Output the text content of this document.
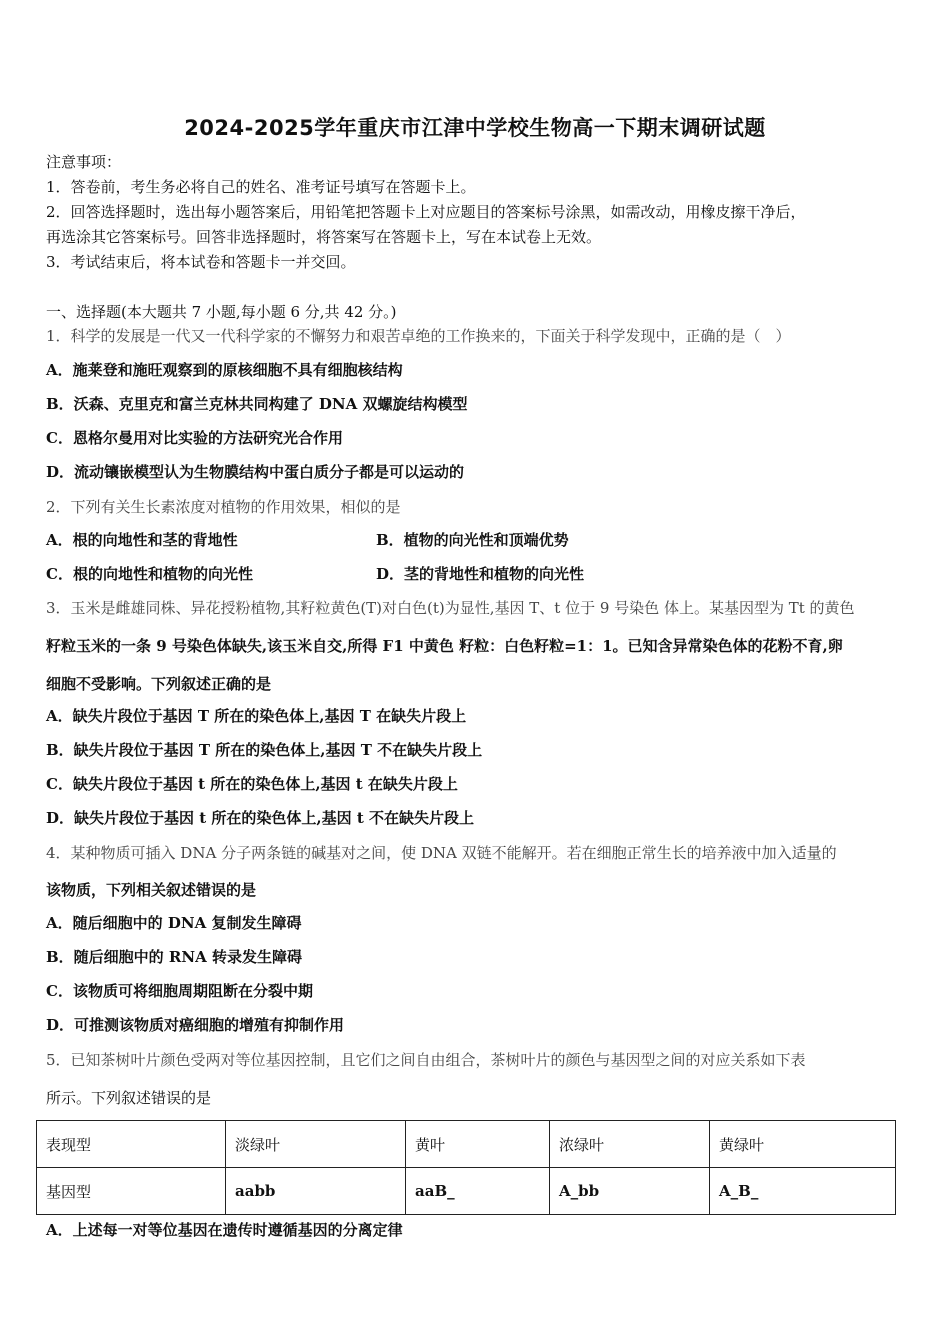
2024-2025学年重庆市江津中学校生物高一下期末调研试题
注意事项：
1．答卷前，考生务必将自己的姓名、准考证号填写在答题卡上。
2．回答选择题时，选出每小题答案后，用铅笔把答题卡上对应题目的答案标号涂黑，如需改动，用橡皮擦干净后，
再选涂其它答案标号。回答非选择题时，将答案写在答题卡上，写在本试卷上无效。
3．考试结束后，将本试卷和答题卡一并交回。
一、选择题(本大题共 7 小题,每小题 6 分,共 42 分。)
1．科学的发展是一代又一代科学家的不懈努力和艰苦卓绝的工作换来的，下面关于科学发现中，正确的是（　）
A．施莱登和施旺观察到的原核细胞不具有细胞核结构
B．沃森、克里克和富兰克林共同构建了 DNA 双螺旋结构模型
C．恩格尔曼用对比实验的方法研究光合作用
D．流动镶嵌模型认为生物膜结构中蛋白质分子都是可以运动的
2．下列有关生长素浓度对植物的作用效果，相似的是
A．根的向地性和茎的背地性	B．植物的向光性和顶端优势
C．根的向地性和植物的向光性	D．茎的背地性和植物的向光性
3．玉米是雌雄同株、异花授粉植物,其籽粒黄色(T)对白色(t)为显性,基因 T、t 位于 9 号染色 体上。某基因型为 Tt 的黄色
籽粒玉米的一条 9 号染色体缺失,该玉米自交,所得 F1 中黄色 籽粒：白色籽粒=1：1。已知含异常染色体的花粉不育,卵
细胞不受影响。下列叙述正确的是
A．缺失片段位于基因 T 所在的染色体上,基因 T 在缺失片段上
B．缺失片段位于基因 T 所在的染色体上,基因 T 不在缺失片段上
C．缺失片段位于基因 t 所在的染色体上,基因 t 在缺失片段上
D．缺失片段位于基因 t 所在的染色体上,基因 t 不在缺失片段上
4．某种物质可插入 DNA 分子两条链的碱基对之间，使 DNA 双链不能解开。若在细胞正常生长的培养液中加入适量的
该物质，下列相关叙述错误的是
A．随后细胞中的 DNA 复制发生障碍
B．随后细胞中的 RNA 转录发生障碍
C．该物质可将细胞周期阻断在分裂中期
D．可推测该物质对癌细胞的增殖有抑制作用
5．已知茶树叶片颜色受两对等位基因控制，且它们之间自由组合，茶树叶片的颜色与基因型之间的对应关系如下表
所示。下列叙述错误的是
表现型	淡绿叶	黄叶	浓绿叶	黄绿叶
基因型	aabb	aaB_	A_bb	A_B_
A．上述每一对等位基因在遗传时遵循基因的分离定律
